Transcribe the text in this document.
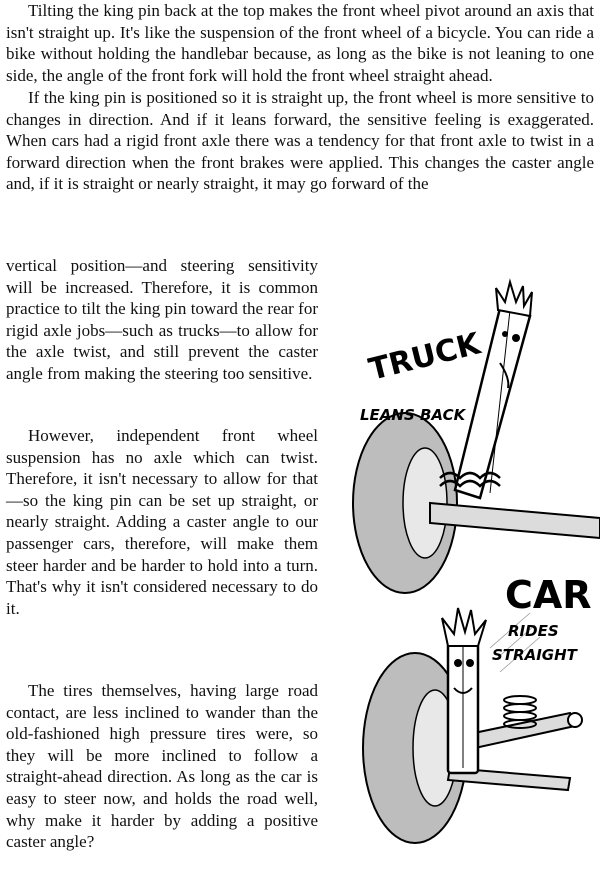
Tilting the king pin back at the top makes the front wheel pivot around an axis that isn't straight up. It's like the suspension of the front wheel of a bicycle. You can ride a bike without holding the handlebar because, as long as the bike is not leaning to one side, the angle of the front fork will hold the front wheel straight ahead.

If the king pin is positioned so it is straight up, the front wheel is more sensitive to changes in direction. And if it leans forward, the sensitive feeling is exaggerated. When cars had a rigid front axle there was a tendency for that front axle to twist in a forward direction when the front brakes were applied. This changes the caster angle and, if it is straight or nearly straight, it may go forward of the

vertical position—and steering sensitivity will be increased. Therefore, it is common practice to tilt the king pin toward the rear for rigid axle jobs—such as trucks—to allow for the axle twist, and still prevent the caster angle from making the steering too sensitive.

However, independent front wheel suspension has no axle which can twist. Therefore, it isn't necessary to allow for that—so the king pin can be set up straight, or nearly straight. Adding a caster angle to our passenger cars, therefore, will make them steer harder and be harder to hold into a turn. That's why it isn't considered necessary to do it.

The tires themselves, having large road contact, are less inclined to wander than the old-fashioned high pressure tires were, so they will be more inclined to follow a straight-ahead direction. As long as the car is easy to steer now, and holds the road well, why make it harder by adding a positive caster angle?

TRUCK
LEANS BACK
CAR
RIDES
STRAIGHT
